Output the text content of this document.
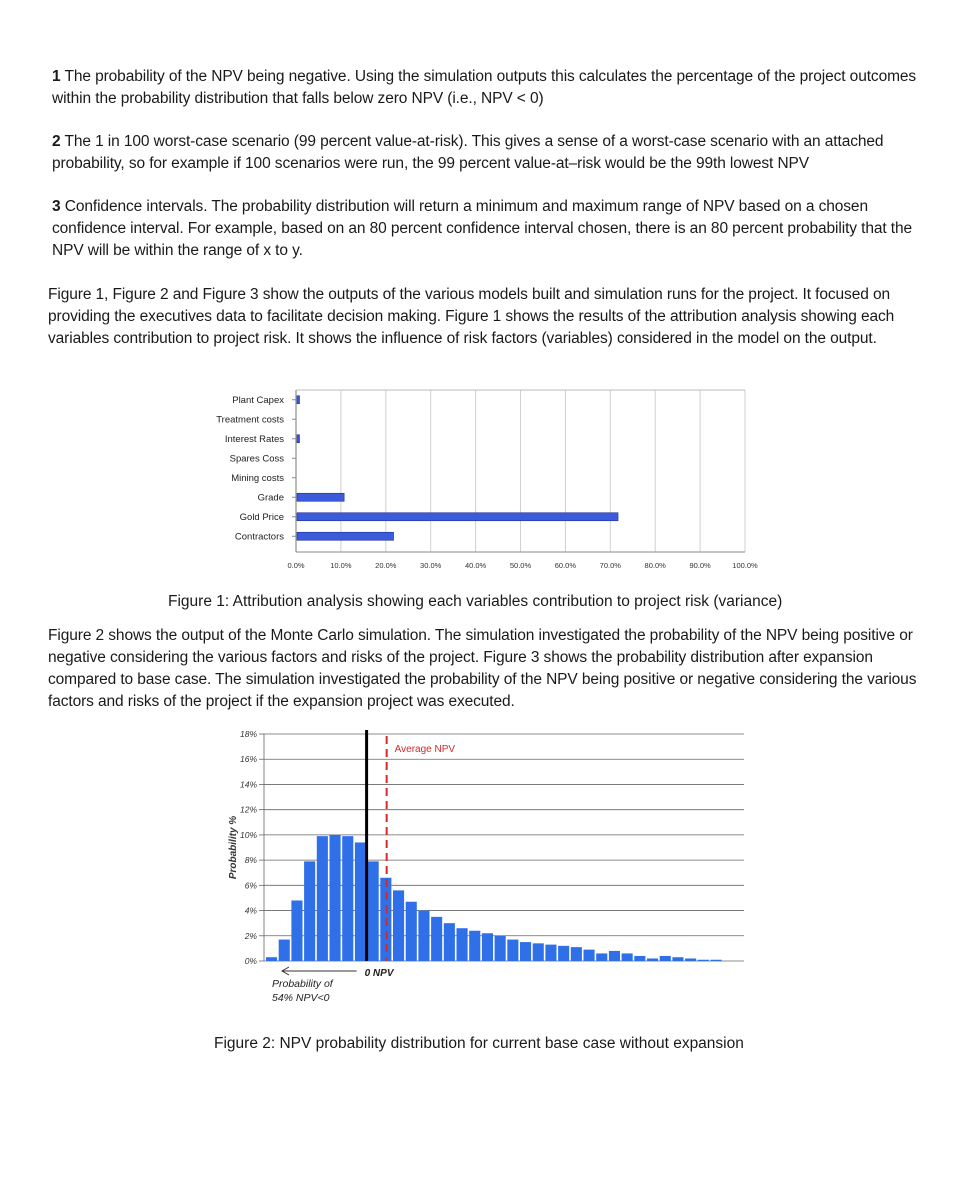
1 The probability of the NPV being negative. Using the simulation outputs this calculates the percentage of the project outcomes within the probability distribution that falls below zero NPV (i.e., NPV < 0)
2 The 1 in 100 worst-case scenario (99 percent value-at-risk). This gives a sense of a worst-case scenario with an attached probability, so for example if 100 scenarios were run, the 99 percent value-at–risk would be the 99th lowest NPV
3 Confidence intervals. The probability distribution will return a minimum and maximum range of NPV based on a chosen confidence interval. For example, based on an 80 percent confidence interval chosen, there is an 80 percent probability that the NPV will be within the range of x to y.
Figure 1, Figure 2 and Figure 3 show the outputs of the various models built and simulation runs for the project. It focused on providing the executives data to facilitate decision making. Figure 1 shows the results of the attribution analysis showing each variables contribution to project risk. It shows the influence of risk factors (variables) considered in the model on the output.
Plant Capex
Treatment costs
Interest Rates
Spares Coss
Mining costs
Grade
Gold Price
Contractors
0.0%	10.0%	20.0%	30.0%	40.0%	50.0%	60.0%	70.0%	80.0%	90.0%	100.0%
Figure 1: Attribution analysis showing each variables contribution to project risk (variance)
Figure 2 shows the output of the Monte Carlo simulation. The simulation investigated the probability of the NPV being positive or negative considering the various factors and risks of the project. Figure 3 shows the probability distribution after expansion compared to base case. The simulation investigated the probability of the NPV being positive or negative considering the various factors and risks of the project if the expansion project was executed.
0%
2%
4%
6%
8%
10%
12%
14%
16%
18%
Probability %
Average NPV
0 NPV
Probability of
54% NPV<0
Figure 2: NPV probability distribution for current base case without expansion
